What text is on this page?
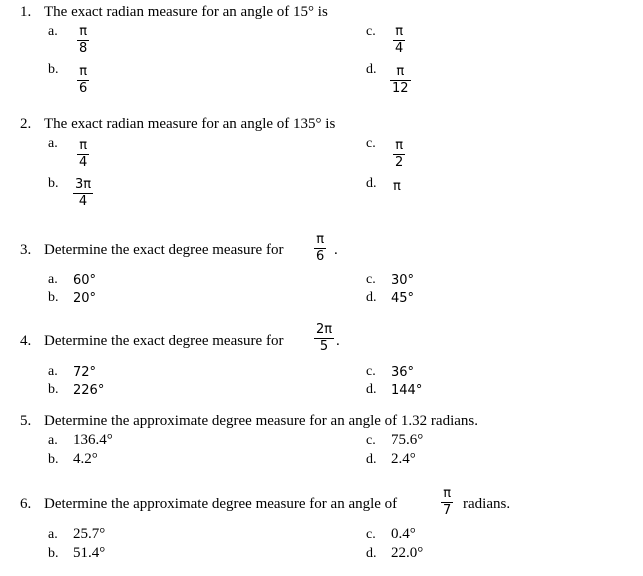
1. The exact radian measure for an angle of 15° is
a. π
8
b. π
6
c. π
4
d. π
12
2. The exact radian measure for an angle of 135° is
a. π
4
b. 3π
4
c. π
2
d. π
3. Determine the exact degree measure for
π
6 .
a. 60°
b. 20°
c. 30°
d. 45°
4. Determine the exact degree measure for
2π
5 .
a. 72°
b. 226°
c. 36°
d. 144°
5. Determine the approximate degree measure for an angle of 1.32 radians.
a. 136.4°
b. 4.2°
c. 75.6°
d. 2.4°
6. Determine the approximate degree measure for an angle of
π
7 radians.
a. 25.7°
b. 51.4°
c. 0.4°
d. 22.0°
